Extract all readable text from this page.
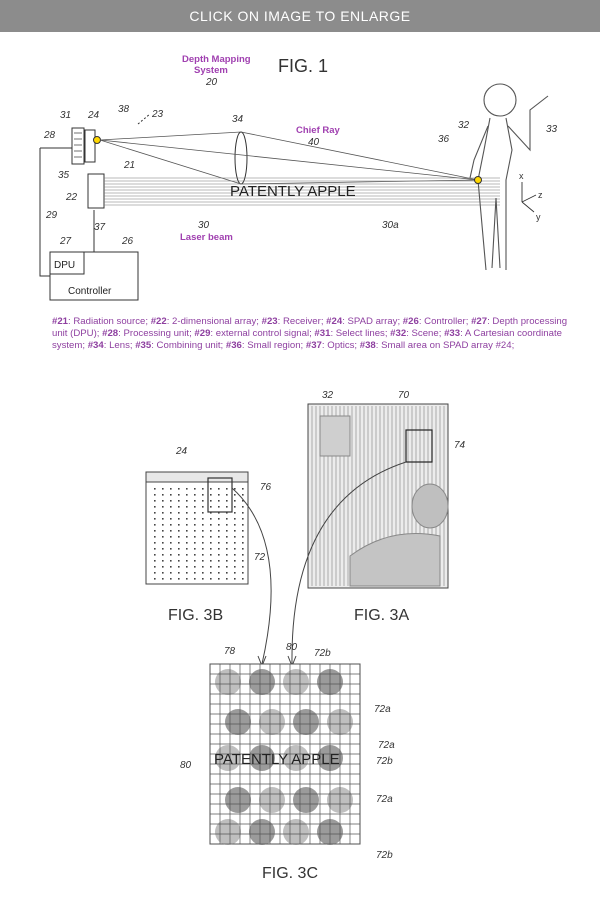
CLICK ON IMAGE TO ENLARGE
FIG. 1
Depth Mapping
System
20
23
31 24
38
28
35
21
22
37
34
Chief Ray
40
PATENTLY APPLE
30
Laser beam
30a
32
36
33
x
z
y
DPU
Controller
27	26
29
#21: Radiation source; #22: 2-dimensional array; #23: Receiver; #24: SPAD array; #26: Controller; #27: Depth processing unit (DPU); #28: Processing unit; #29: external control signal; #31: Select lines; #32: Scene; #33: A Cartesian coordinate system; #34: Lens; #35: Combining unit; #36: Small region; #37: Optics; #38: Small area on SPAD array #24;
24
76
72
FIG. 3B
32	70
74
FIG. 3A
78	80
72b
PATENTLY APPLE
80
72a
72a
72b
72a
72b
FIG. 3C
